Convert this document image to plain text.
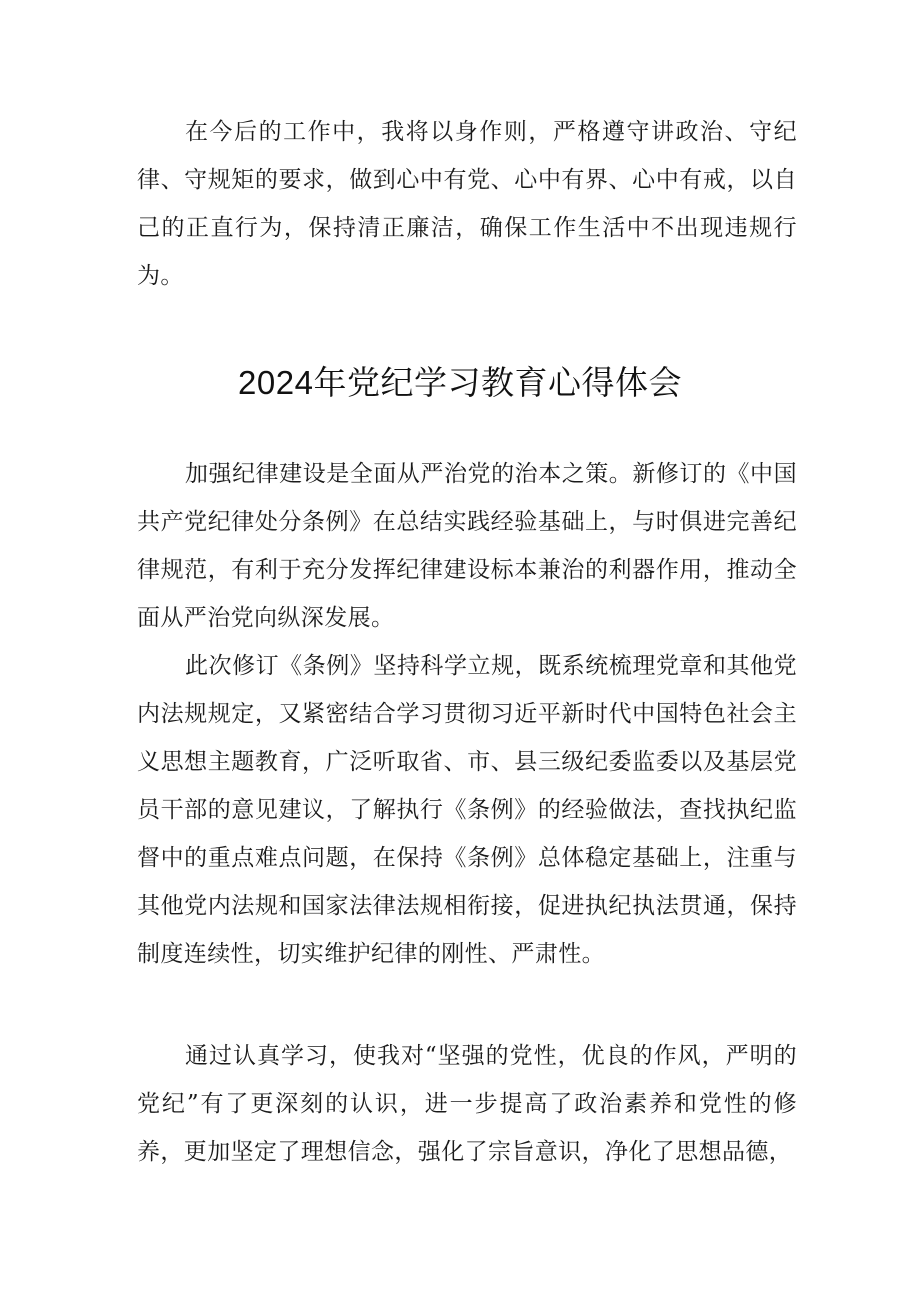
在今后的工作中，我将以身作则，严格遵守讲政治、守纪律、守规矩的要求，做到心中有党、心中有界、心中有戒，以自己的正直行为，保持清正廉洁，确保工作生活中不出现违规行为。

2024年党纪学习教育心得体会

加强纪律建设是全面从严治党的治本之策。新修订的《中国共产党纪律处分条例》在总结实践经验基础上，与时俱进完善纪律规范，有利于充分发挥纪律建设标本兼治的利器作用，推动全面从严治党向纵深发展。

此次修订《条例》坚持科学立规，既系统梳理党章和其他党内法规规定，又紧密结合学习贯彻习近平新时代中国特色社会主义思想主题教育，广泛听取省、市、县三级纪委监委以及基层党员干部的意见建议，了解执行《条例》的经验做法，查找执纪监督中的重点难点问题，在保持《条例》总体稳定基础上，注重与其他党内法规和国家法律法规相衔接，促进执纪执法贯通，保持制度连续性，切实维护纪律的刚性、严肃性。

通过认真学习，使我对“坚强的党性，优良的作风，严明的党纪”有了更深刻的认识，进一步提高了政治素养和党性的修养，更加坚定了理想信念，强化了宗旨意识，净化了思想品德，
